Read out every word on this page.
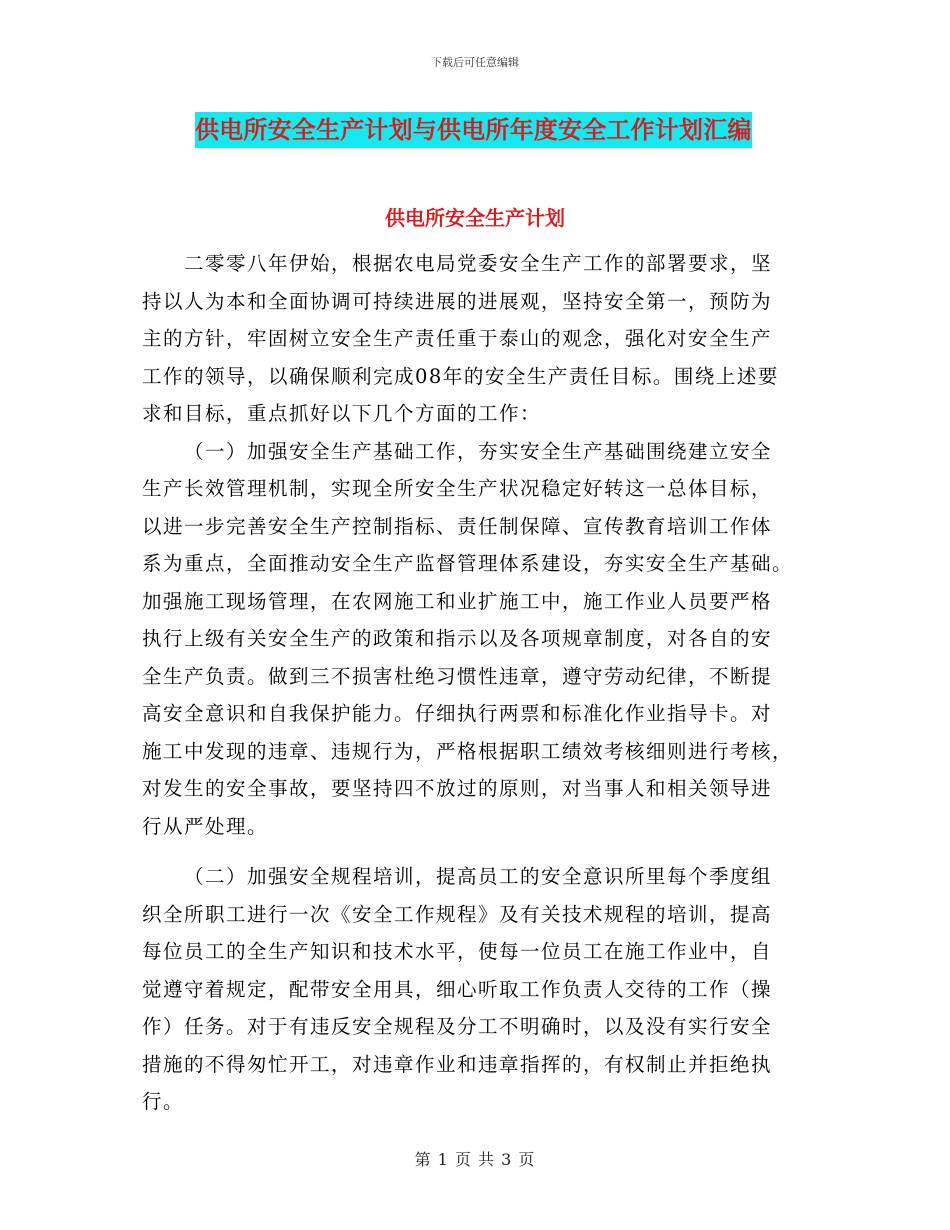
下载后可任意编辑
供电所安全生产计划与供电所年度安全工作计划汇编
供电所安全生产计划
二零零八年伊始，根据农电局党委安全生产工作的部署要求，坚
持以人为本和全面协调可持续进展的进展观，坚持安全第一，预防为
主的方针，牢固树立安全生产责任重于泰山的观念，强化对安全生产
工作的领导，以确保顺利完成08年的安全生产责任目标。围绕上述要
求和目标，重点抓好以下几个方面的工作：
（一）加强安全生产基础工作，夯实安全生产基础围绕建立安全
生产长效管理机制，实现全所安全生产状况稳定好转这一总体目标，
以进一步完善安全生产控制指标、责任制保障、宣传教育培训工作体
系为重点，全面推动安全生产监督管理体系建设，夯实安全生产基础。
加强施工现场管理，在农网施工和业扩施工中，施工作业人员要严格
执行上级有关安全生产的政策和指示以及各项规章制度，对各自的安
全生产负责。做到三不损害杜绝习惯性违章，遵守劳动纪律，不断提
高安全意识和自我保护能力。仔细执行两票和标准化作业指导卡。对
施工中发现的违章、违规行为，严格根据职工绩效考核细则进行考核，
对发生的安全事故，要坚持四不放过的原则，对当事人和相关领导进
行从严处理。
（二）加强安全规程培训，提高员工的安全意识所里每个季度组
织全所职工进行一次《安全工作规程》及有关技术规程的培训，提高
每位员工的全生产知识和技术水平，使每一位员工在施工作业中，自
觉遵守着规定，配带安全用具，细心听取工作负责人交待的工作（操
作）任务。对于有违反安全规程及分工不明确时，以及没有实行安全
措施的不得匆忙开工，对违章作业和违章指挥的，有权制止并拒绝执
行。
第 1 页 共 3 页
